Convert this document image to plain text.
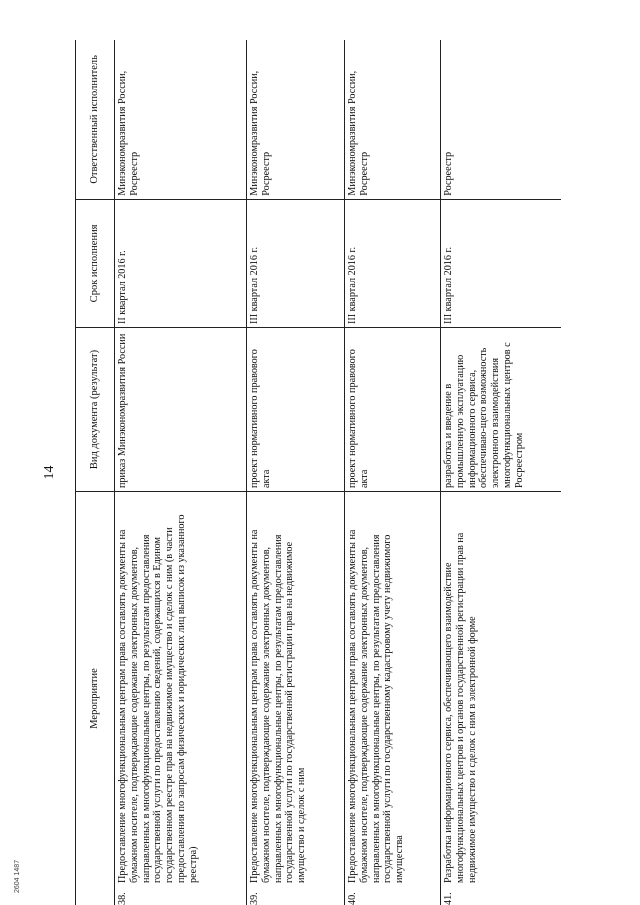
14
Мероприятие	Вид документа (результат)	Срок исполнения	Ответственный исполнитель
38.Предоставление многофункциональным центрам права составлять документы на бумажном носителе, подтверждающие содержание электронных документов, направленных в многофункциональные центры, по результатам предоставления государственной услуги по предоставлению сведений, содержащихся в Едином государственном реестре прав на недвижимое имущество и сделок с ним (в части предоставления по запросам физических и юридических лиц выписок из указанного реестра)	приказ Минэкономразвития России	II квартал 2016 г.	Минэкономразвития России, Росреестр
39.Предоставление многофункциональным центрам права составлять документы на бумажном носителе, подтверждающие содержание электронных документов, направленных в многофункциональные центры, по результатам предоставления государственной услуги по государственной регистрации прав на недвижимое имущество и сделок с ним	проект нормативного правового акта	III квартал 2016 г.	Минэкономразвития России, Росреестр
40.Предоставление многофункциональным центрам права составлять документы на бумажном носителе, подтверждающие содержание электронных документов, направленных в многофункциональные центры, по результатам предоставления государственной услуги по государственному кадастровому учету недвижимого имущества	проект нормативного правового акта	III квартал 2016 г.	Минэкономразвития России, Росреестр
41.Разработка информационного сервиса, обеспечивающего взаимодействие многофункциональных центров и органов государственной регистрации прав на недвижимое имущество и сделок с ним в электронной форме	разработка и введение в промышленную эксплуатацию информационного сервиса, обеспечиваю-щего возможность электронного взаимодействия многофункциональных центров с Росреестром	III квартал 2016 г.	Росреестр
2604 1487
